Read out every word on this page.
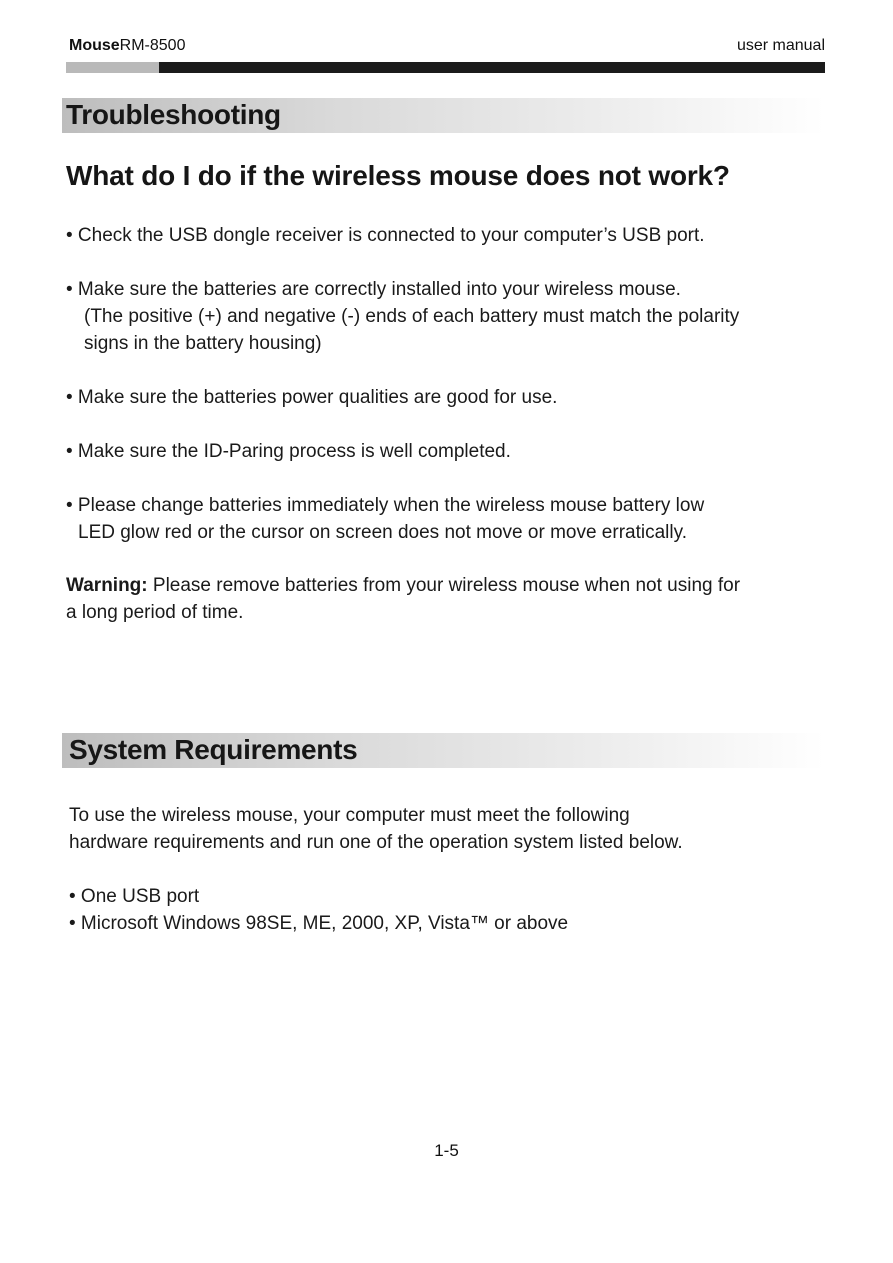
MouseRM-8500	user manual
Troubleshooting
What do I do if the wireless mouse does not work?
• Check the USB dongle receiver is connected to your computer’s USB port.
• Make sure the batteries are correctly installed into your wireless mouse.
(The positive (+) and negative (-) ends of each battery must match the polarity
signs in the battery housing)
• Make sure the batteries power qualities are good for use.
• Make sure the ID-Paring process is well completed.
• Please change batteries immediately when the wireless mouse battery low
LED glow red or the cursor on screen does not move or move erratically.
Warning: Please remove batteries from your wireless mouse when not using for
a long period of time.
System Requirements
To use the wireless mouse, your computer must meet the following
hardware requirements and run one of the operation system listed below.
• One USB port
• Microsoft Windows 98SE, ME, 2000, XP, Vista™ or above
1-5
